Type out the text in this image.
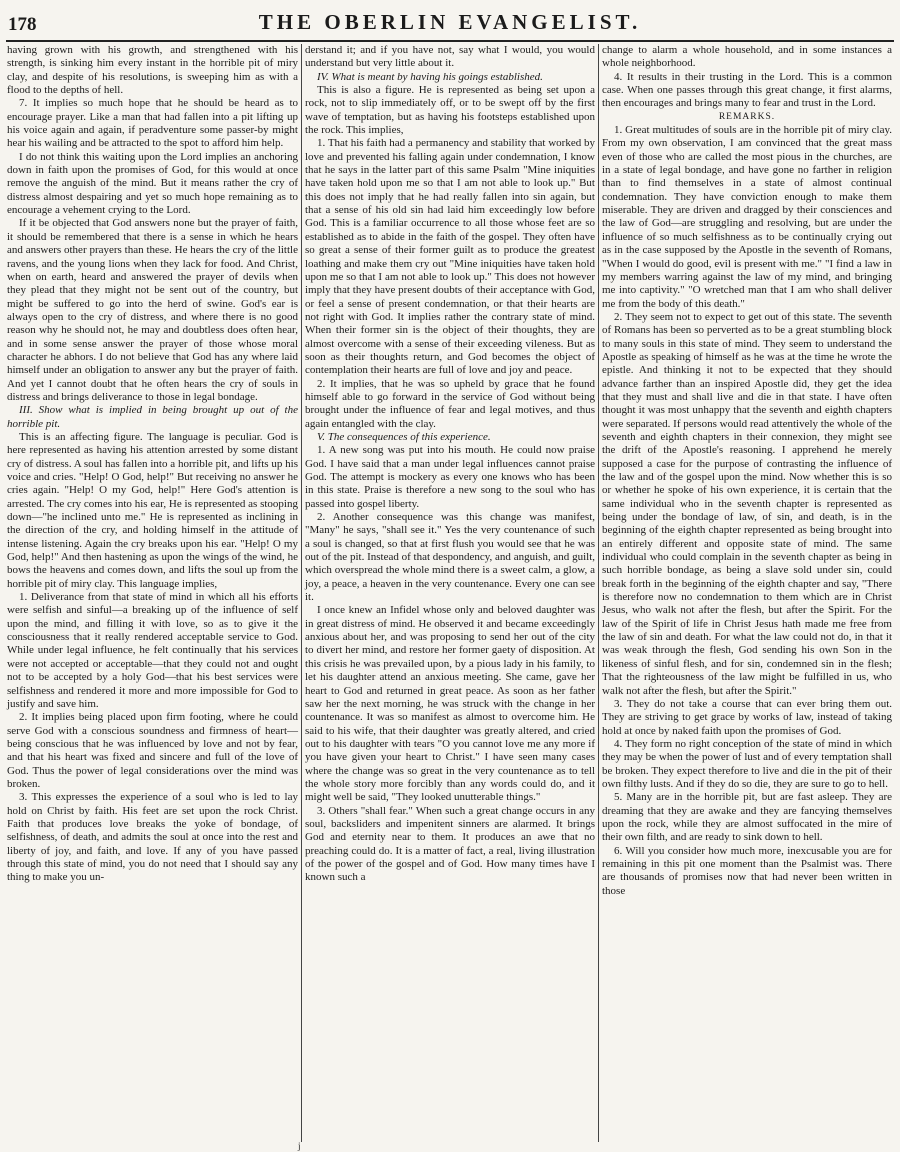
178	THE OBERLIN EVANGELIST.

having grown with his growth, and strengthened with his strength, is sinking him every instant in the horrible pit of miry clay, and despite of his resolutions, is sweeping him as with a flood to the depths of hell.

7. It implies so much hope that he should be heard as to encourage prayer. Like a man that had fallen into a pit lifting up his voice again and again, if peradventure some passer-by might hear his wailing and be attracted to the spot to afford him help.

I do not think this waiting upon the Lord implies an anchoring down in faith upon the promises of God, for this would at once remove the anguish of the mind. But it means rather the cry of distress almost despairing and yet so much hope remaining as to encourage a vehement crying to the Lord.

If it be objected that God answers none but the prayer of faith, it should be remembered that there is a sense in which he hears and answers other prayers than these. He hears the cry of the little ravens, and the young lions when they lack for food. And Christ, when on earth, heard and answered the prayer of devils when they plead that they might not be sent out of the country, but might be suffered to go into the herd of swine. God's ear is always open to the cry of distress, and where there is no good reason why he should not, he may and doubtless does often hear, and in some sense answer the prayer of those whose moral character he abhors. I do not believe that God has any where laid himself under an obligation to answer any but the prayer of faith. And yet I cannot doubt that he often hears the cry of souls in distress and brings deliverance to those in legal bondage.

III. Show what is implied in being brought up out of the horrible pit.

This is an affecting figure. The language is peculiar. God is here represented as having his attention arrested by some distant cry of distress. A soul has fallen into a horrible pit, and lifts up his voice and cries. "Help! O God, help!" But receiving no answer he cries again. "Help! O my God, help!" Here God's attention is arrested. The cry comes into his ear, He is represented as stooping down—"he inclined unto me." He is represented as inclining in the direction of the cry, and holding himself in the attitude of intense listening. Again the cry breaks upon his ear. "Help! O my God, help!" And then hastening as upon the wings of the wind, he bows the heavens and comes down, and lifts the soul up from the horrible pit of miry clay. This language implies,

1. Deliverance from that state of mind in which all his efforts were selfish and sinful—a breaking up of the influence of self upon the mind, and filling it with love, so as to give it the consciousness that it really rendered acceptable service to God. While under legal influence, he felt continually that his services were not accepted or acceptable—that they could not and ought not to be accepted by a holy God—that his best services were selfishness and rendered it more and more impossible for God to justify and save him.

2. It implies being placed upon firm footing, where he could serve God with a conscious soundness and firmness of heart—being conscious that he was influenced by love and not by fear, and that his heart was fixed and sincere and full of the love of God. Thus the power of legal considerations over the mind was broken.

3. This expresses the experience of a soul who is led to lay hold on Christ by faith. His feet are set upon the rock Christ. Faith that produces love breaks the yoke of bondage, of selfishness, of death, and admits the soul at once into the rest and liberty of joy, and faith, and love. If any of you have passed through this state of mind, you do not need that I should say any thing to make you un-

derstand it; and if you have not, say what I would, you would understand but very little about it.

IV. What is meant by having his goings established.

This is also a figure. He is represented as being set upon a rock, not to slip immediately off, or to be swept off by the first wave of temptation, but as having his footsteps established upon the rock. This implies,

1. That his faith had a permanency and stability that worked by love and prevented his falling again under condemnation, I know that he says in the latter part of this same Psalm "Mine iniquities have taken hold upon me so that I am not able to look up." But this does not imply that he had really fallen into sin again, but that a sense of his old sin had laid him exceedingly low before God. This is a familiar occurrence to all those whose feet are so established as to abide in the faith of the gospel. They often have so great a sense of their former guilt as to produce the greatest loathing and make them cry out "Mine iniquities have taken hold upon me so that I am not able to look up." This does not however imply that they have present doubts of their acceptance with God, or feel a sense of present condemnation, or that their hearts are not right with God. It implies rather the contrary state of mind. When their former sin is the object of their thoughts, they are almost overcome with a sense of their exceeding vileness. But as soon as their thoughts return, and God becomes the object of contemplation their hearts are full of love and joy and peace.

2. It implies, that he was so upheld by grace that he found himself able to go forward in the service of God without being brought under the influence of fear and legal motives, and thus again entangled with the clay.

V. The consequences of this experience.

1. A new song was put into his mouth. He could now praise God. I have said that a man under legal influences cannot praise God. The attempt is mockery as every one knows who has been in this state. Praise is therefore a new song to the soul who has passed into gospel liberty.

2. Another consequence was this change was manifest, "Many" he says, "shall see it." Yes the very countenance of such a soul is changed, so that at first flush you would see that he was out of the pit. Instead of that despondency, and anguish, and guilt, which overspread the whole mind there is a sweet calm, a glow, a joy, a peace, a heaven in the very countenance. Every one can see it.

I once knew an Infidel whose only and beloved daughter was in great distress of mind. He observed it and became exceedingly anxious about her, and was proposing to send her out of the city to divert her mind, and restore her former gaety of disposition. At this crisis he was prevailed upon, by a pious lady in his family, to let his daughter attend an anxious meeting. She came, gave her heart to God and returned in great peace. As soon as her father saw her the next morning, he was struck with the change in her countenance. It was so manifest as almost to overcome him. He said to his wife, that their daughter was greatly altered, and cried out to his daughter with tears "O you cannot love me any more if you have given your heart to Christ." I have seen many cases where the change was so great in the very countenance as to tell the whole story more forcibly than any words could do, and it might well be said, "They looked unutterable things."

3. Others "shall fear." When such a great change occurs in any soul, backsliders and impenitent sinners are alarmed. It brings God and eternity near to them. It produces an awe that no preaching could do. It is a matter of fact, a real, living illustration of the power of the gospel and of God. How many times have I known such a

change to alarm a whole household, and in some instances a whole neighborhood.

4. It results in their trusting in the Lord. This is a common case. When one passes through this great change, it first alarms, then encourages and brings many to fear and trust in the Lord.

REMARKS.

1. Great multitudes of souls are in the horrible pit of miry clay. From my own observation, I am convinced that the great mass even of those who are called the most pious in the churches, are in a state of legal bondage, and have gone no farther in religion than to find themselves in a state of almost continual condemnation. They have conviction enough to make them miserable. They are driven and dragged by their consciences and the law of God—are struggling and resolving, but are under the influence of so much selfishness as to be continually crying out as in the case supposed by the Apostle in the seventh of Romans, "When I would do good, evil is present with me." "I find a law in my members warring against the law of my mind, and bringing me into captivity." "O wretched man that I am who shall deliver me from the body of this death."

2. They seem not to expect to get out of this state. The seventh of Romans has been so perverted as to be a great stumbling block to many souls in this state of mind. They seem to understand the Apostle as speaking of himself as he was at the time he wrote the epistle. And thinking it not to be expected that they should advance farther than an inspired Apostle did, they get the idea that they must and shall live and die in that state. I have often thought it was most unhappy that the seventh and eighth chapters were separated. If persons would read attentively the whole of the seventh and eighth chapters in their connexion, they might see the drift of the Apostle's reasoning. I apprehend he merely supposed a case for the purpose of contrasting the influence of the law and of the gospel upon the mind. Now whether this is so or whether he spoke of his own experience, it is certain that the same individual who in the seventh chapter is represented as being under the bondage of law, of sin, and death, is in the beginning of the eighth chapter represented as being brought into an entirely different and opposite state of mind. The same individual who could complain in the seventh chapter as being in such horrible bondage, as being a slave sold under sin, could break forth in the beginning of the eighth chapter and say, "There is therefore now no condemnation to them which are in Christ Jesus, who walk not after the flesh, but after the Spirit. For the law of the Spirit of life in Christ Jesus hath made me free from the law of sin and death. For what the law could not do, in that it was weak through the flesh, God sending his own Son in the likeness of sinful flesh, and for sin, condemned sin in the flesh; That the righteousness of the law might be fulfilled in us, who walk not after the flesh, but after the Spirit."

3. They do not take a course that can ever bring them out. They are striving to get grace by works of law, instead of taking hold at once by naked faith upon the promises of God.

4. They form no right conception of the state of mind in which they may be when the power of lust and of every temptation shall be broken. They expect therefore to live and die in the pit of their own filthy lusts. And if they do so die, they are sure to go to hell.

5. Many are in the horrible pit, but are fast asleep. They are dreaming that they are awake and they are fancying themselves upon the rock, while they are almost suffocated in the mire of their own filth, and are ready to sink down to hell.

6. Will you consider how much more, inexcusable you are for remaining in this pit one moment than the Psalmist was. There are thousands of promises now that had never been written in those

j
